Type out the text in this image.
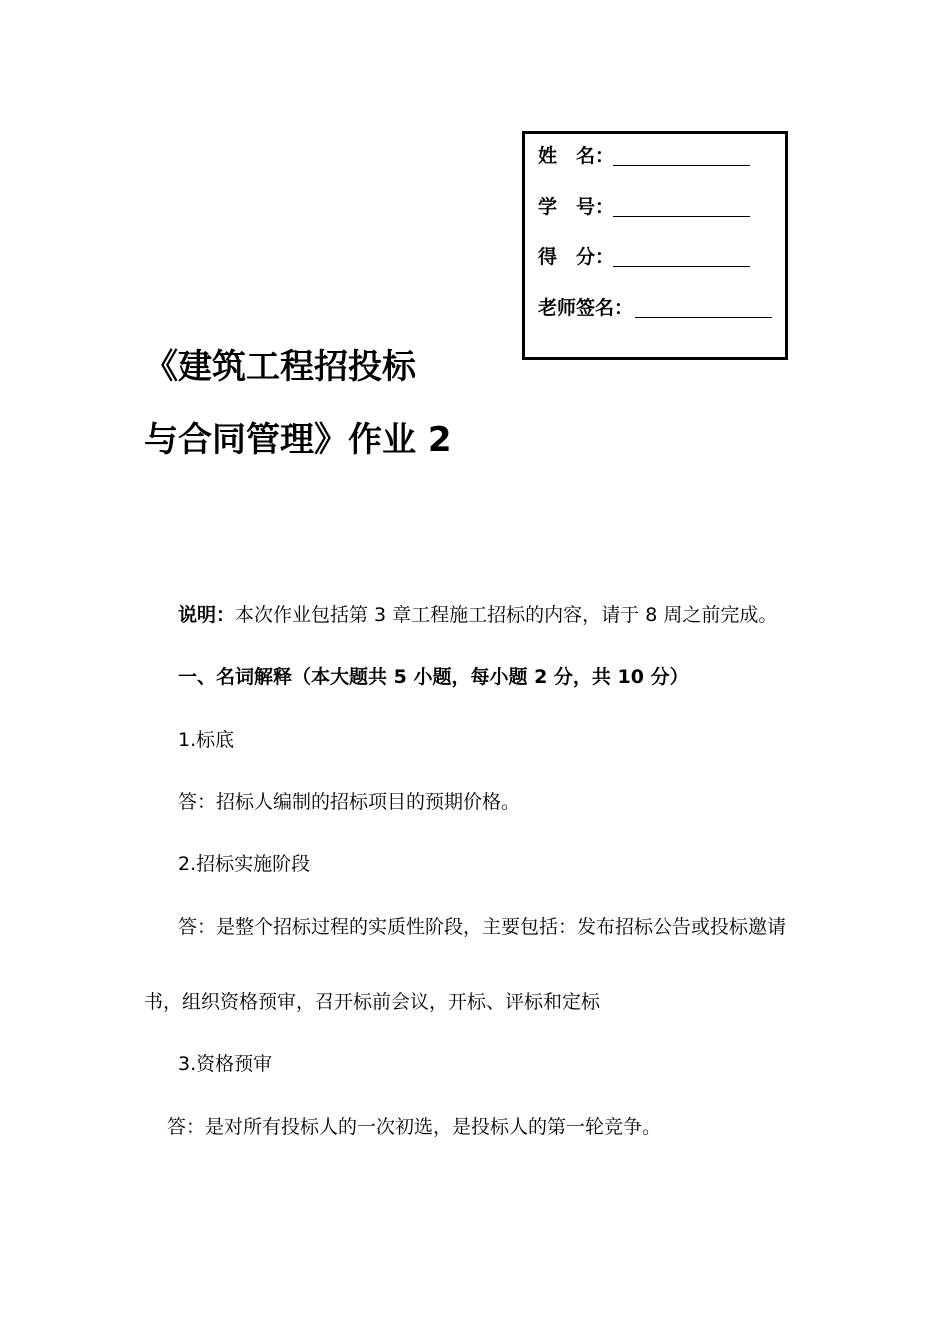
姓　名：
学　号：
得　分：
老师签名：
《建筑工程招投标
与合同管理》作业 2
说明：本次作业包括第 3 章工程施工招标的内容，请于 8 周之前完成。
一、名词解释（本大题共 5 小题，每小题 2 分，共 10 分）
1.标底
答：招标人编制的招标项目的预期价格。
2.招标实施阶段
答：是整个招标过程的实质性阶段，主要包括：发布招标公告或投标邀请
书，组织资格预审，召开标前会议，开标、评标和定标
3.资格预审
答：是对所有投标人的一次初选，是投标人的第一轮竞争。
